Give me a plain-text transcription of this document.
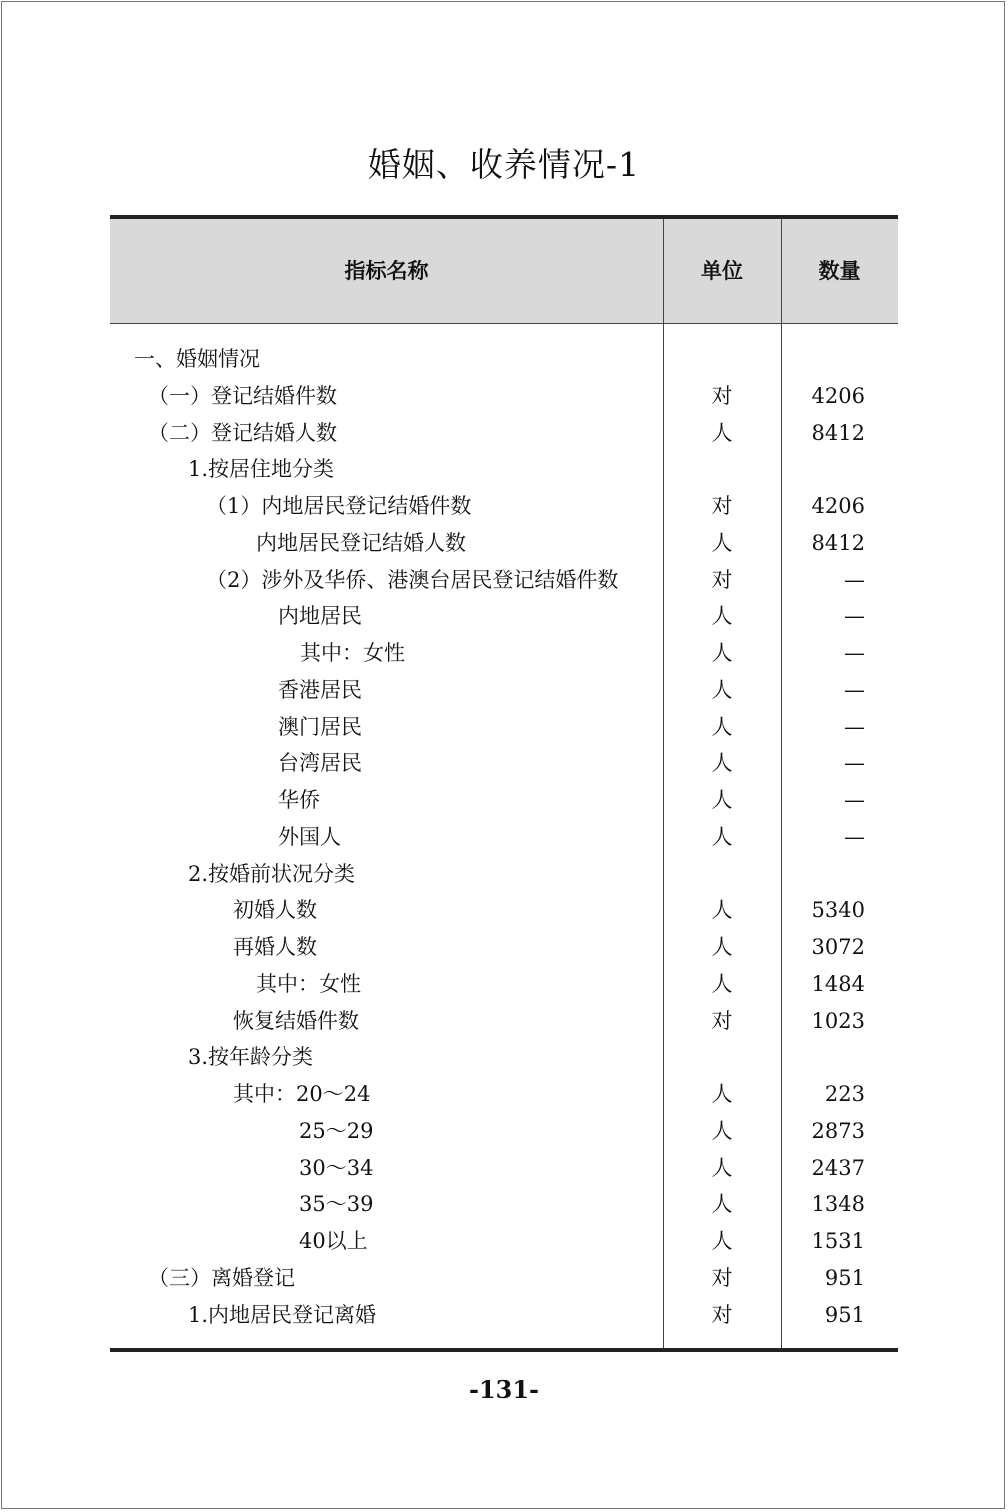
婚姻、收养情况-1
指标名称	单位	数量
一、婚姻情况
（一）登记结婚件数	对	4206
（二）登记结婚人数	人	8412
1.按居住地分类
（1）内地居民登记结婚件数	对	4206
内地居民登记结婚人数	人	8412
（2）涉外及华侨、港澳台居民登记结婚件数	对	—
内地居民	人	—
其中：女性	人	—
香港居民	人	—
澳门居民	人	—
台湾居民	人	—
华侨	人	—
外国人	人	—
2.按婚前状况分类
初婚人数	人	5340
再婚人数	人	3072
其中：女性	人	1484
恢复结婚件数	对	1023
3.按年龄分类
其中：20～24	人	223
25～29	人	2873
30～34	人	2437
35～39	人	1348
40以上	人	1531
（三）离婚登记	对	951
1.内地居民登记离婚	对	951
-131-
